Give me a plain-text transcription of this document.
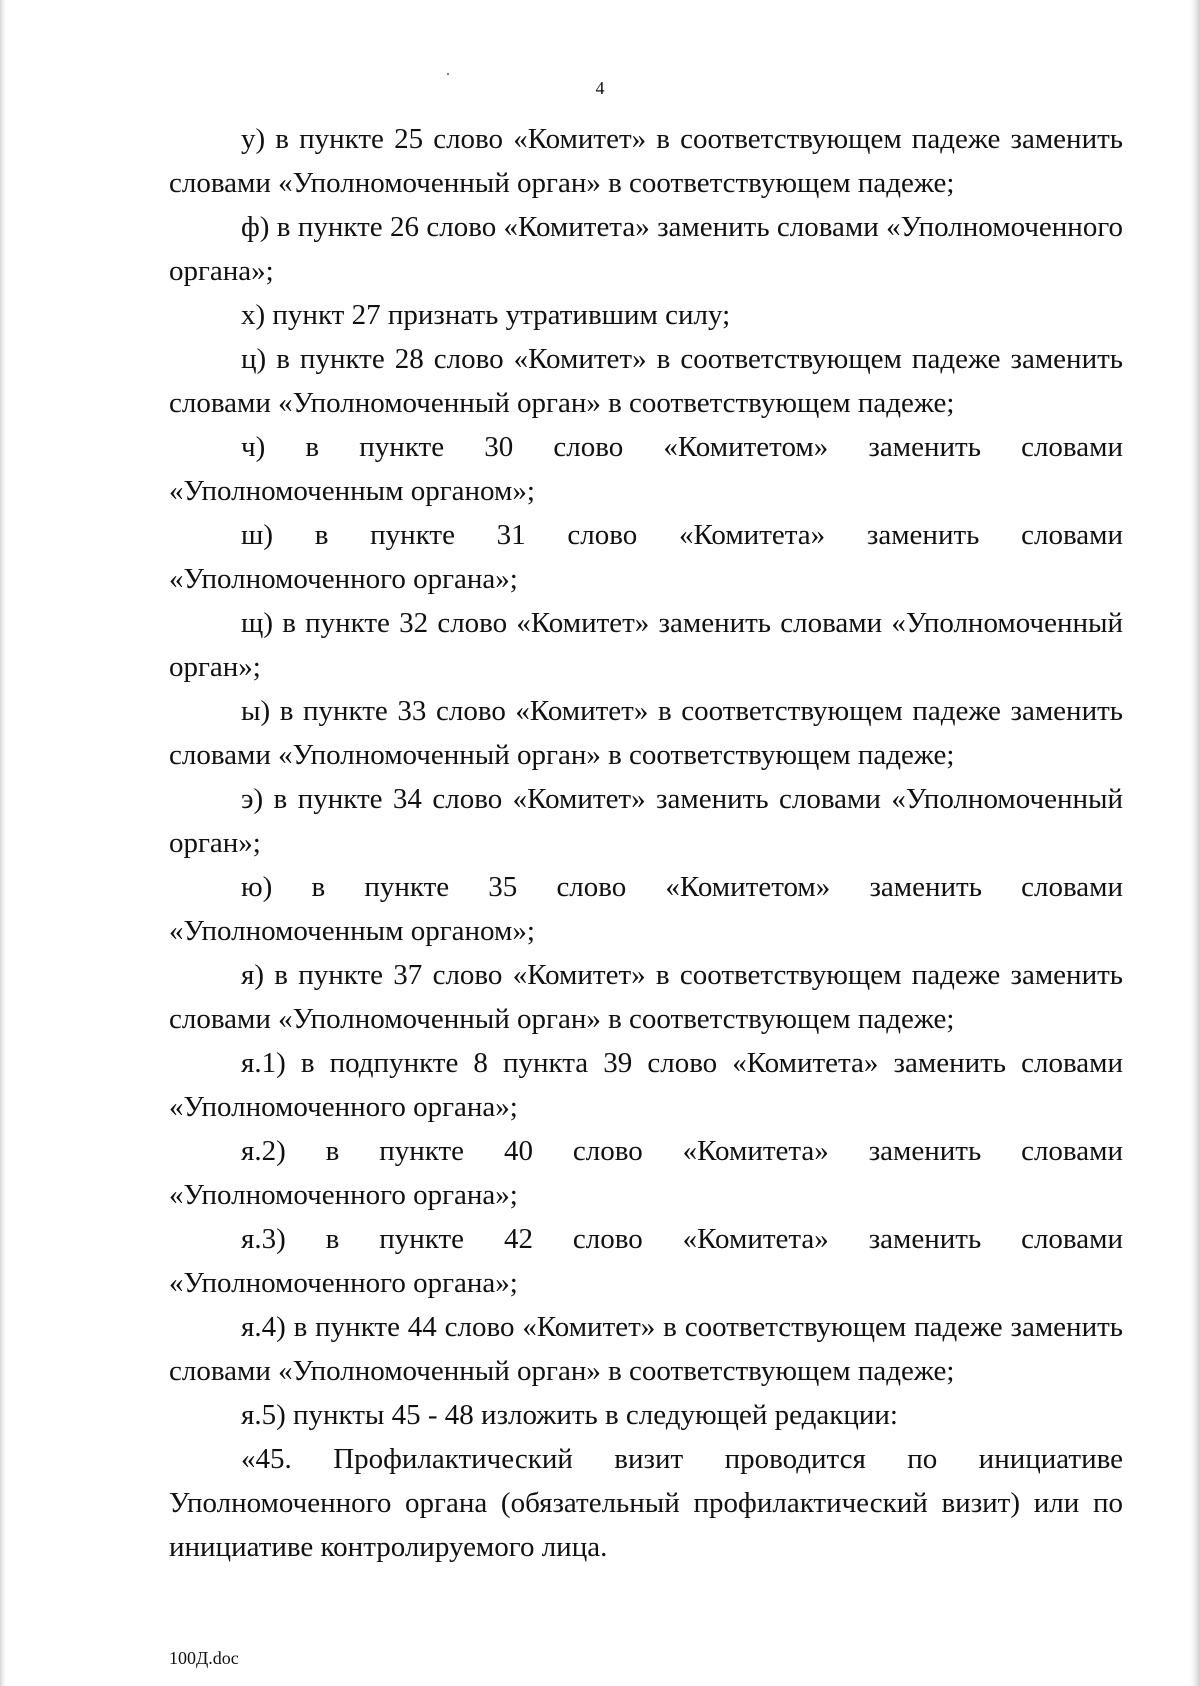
4

у) в пункте 25 слово «Комитет» в соответствующем падеже заменить словами «Уполномоченный орган» в соответствующем падеже;

ф) в пункте 26 слово «Комитета» заменить словами «Уполномоченного органа»;

х) пункт 27 признать утратившим силу;

ц) в пункте 28 слово «Комитет» в соответствующем падеже заменить словами «Уполномоченный орган» в соответствующем падеже;

ч) в пункте 30 слово «Комитетом» заменить словами «Уполномоченным органом»;

ш) в пункте 31 слово «Комитета» заменить словами «Уполномоченного органа»;

щ) в пункте 32 слово «Комитет» заменить словами «Уполномоченный орган»;

ы) в пункте 33 слово «Комитет» в соответствующем падеже заменить словами «Уполномоченный орган» в соответствующем падеже;

э) в пункте 34 слово «Комитет» заменить словами «Уполномоченный орган»;

ю) в пункте 35 слово «Комитетом» заменить словами «Уполномоченным органом»;

я) в пункте 37 слово «Комитет» в соответствующем падеже заменить словами «Уполномоченный орган» в соответствующем падеже;

я.1) в подпункте 8 пункта 39 слово «Комитета» заменить словами «Уполномоченного органа»;

я.2) в пункте 40 слово «Комитета» заменить словами «Уполномоченного органа»;

я.3) в пункте 42 слово «Комитета» заменить словами «Уполномоченного органа»;

я.4) в пункте 44 слово «Комитет» в соответствующем падеже заменить словами «Уполномоченный орган» в соответствующем падеже;

я.5) пункты 45 - 48 изложить в следующей редакции:

«45. Профилактический визит проводится по инициативе Уполномоченного органа (обязательный профилактический визит) или по инициативе контролируемого лица.

100Д.doc
